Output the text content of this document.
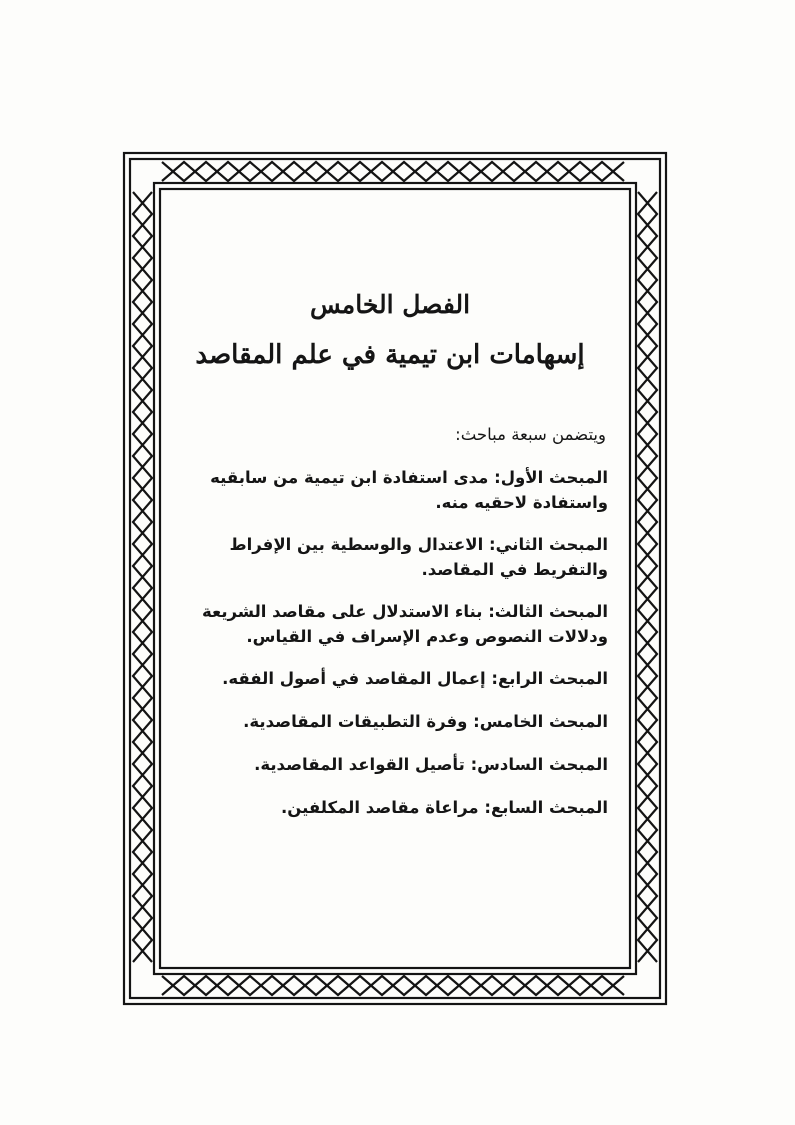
الفصل الخامس
إسهامات ابن تيمية في علم المقاصد

ويتضمن سبعة مباحث:

المبحث الأول: مدى استفادة ابن تيمية من سابقيه واستفادة لاحقيه منه.
المبحث الثاني: الاعتدال والوسطية بين الإفراط والتفريط في المقاصد.
المبحث الثالث: بناء الاستدلال على مقاصد الشريعة ودلالات النصوص وعدم الإسراف في القياس.
المبحث الرابع: إعمال المقاصد في أصول الفقه.
المبحث الخامس: وفرة التطبيقات المقاصدية.
المبحث السادس: تأصيل القواعد المقاصدية.
المبحث السابع: مراعاة مقاصد المكلفين.
